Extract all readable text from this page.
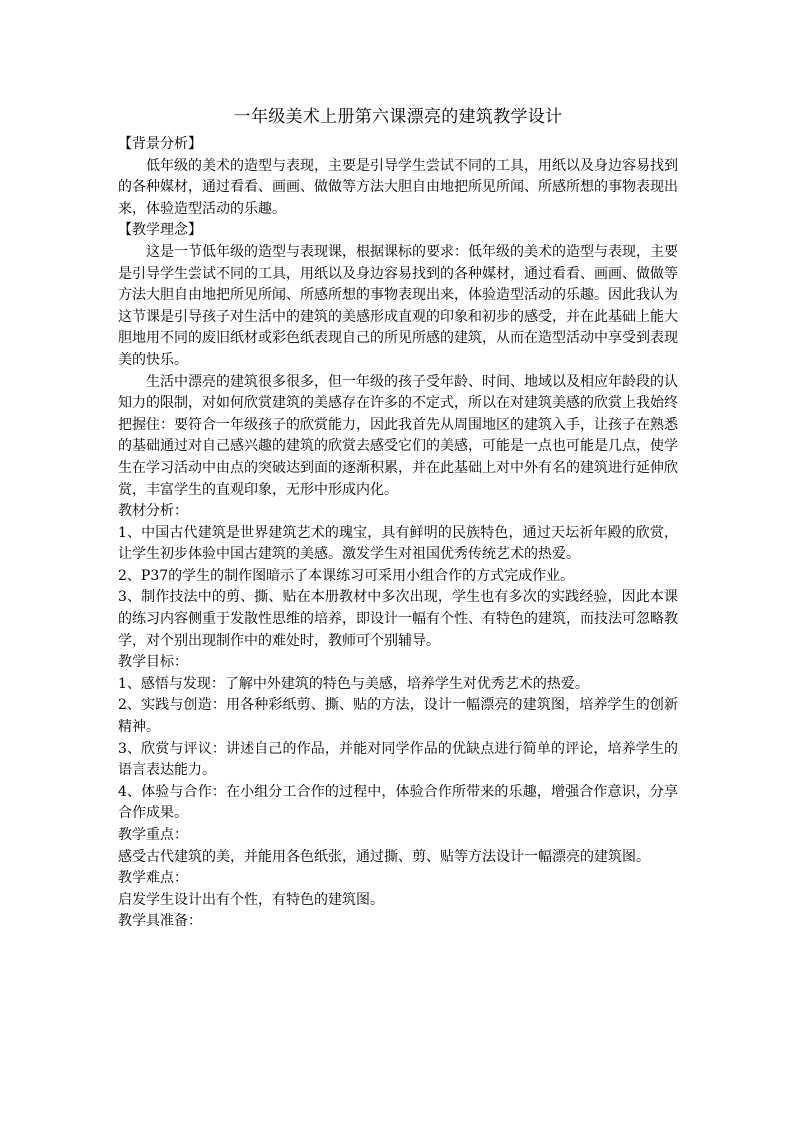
一年级美术上册第六课漂亮的建筑教学设计

【背景分析】

低年级的美术的造型与表现，主要是引导学生尝试不同的工具，用纸以及身边容易找到的各种媒材，通过看看、画画、做做等方法大胆自由地把所见所闻、所感所想的事物表现出来，体验造型活动的乐趣。

【教学理念】

这是一节低年级的造型与表现课，根据课标的要求：低年级的美术的造型与表现，主要是引导学生尝试不同的工具，用纸以及身边容易找到的各种媒材，通过看看、画画、做做等方法大胆自由地把所见所闻、所感所想的事物表现出来，体验造型活动的乐趣。因此我认为这节课是引导孩子对生活中的建筑的美感形成直观的印象和初步的感受，并在此基础上能大胆地用不同的废旧纸材或彩色纸表现自己的所见所感的建筑，从而在造型活动中享受到表现美的快乐。

生活中漂亮的建筑很多很多，但一年级的孩子受年龄、时间、地域以及相应年龄段的认知力的限制，对如何欣赏建筑的美感存在许多的不定式，所以在对建筑美感的欣赏上我始终把握住：要符合一年级孩子的欣赏能力，因此我首先从周围地区的建筑入手，让孩子在熟悉的基础通过对自己感兴趣的建筑的欣赏去感受它们的美感，可能是一点也可能是几点，使学生在学习活动中由点的突破达到面的逐渐积累，并在此基础上对中外有名的建筑进行延伸欣赏，丰富学生的直观印象，无形中形成内化。

教材分析：

1、中国古代建筑是世界建筑艺术的瑰宝，具有鲜明的民族特色，通过天坛祈年殿的欣赏，让学生初步体验中国古建筑的美感。激发学生对祖国优秀传统艺术的热爱。

2、P37的学生的制作图暗示了本课练习可采用小组合作的方式完成作业。

3、制作技法中的剪、撕、贴在本册教材中多次出现，学生也有多次的实践经验，因此本课的练习内容侧重于发散性思维的培养，即设计一幅有个性、有特色的建筑，而技法可忽略教学，对个别出现制作中的难处时，教师可个别辅导。

教学目标：

1、感悟与发现：了解中外建筑的特色与美感，培养学生对优秀艺术的热爱。

2、实践与创造：用各种彩纸剪、撕、贴的方法，设计一幅漂亮的建筑图，培养学生的创新精神。

3、欣赏与评议：讲述自己的作品，并能对同学作品的优缺点进行简单的评论，培养学生的语言表达能力。

4、体验与合作：在小组分工合作的过程中，体验合作所带来的乐趣，增强合作意识，分享合作成果。

教学重点：

感受古代建筑的美，并能用各色纸张，通过撕、剪、贴等方法设计一幅漂亮的建筑图。

教学难点：

启发学生设计出有个性，有特色的建筑图。

教学具准备：
